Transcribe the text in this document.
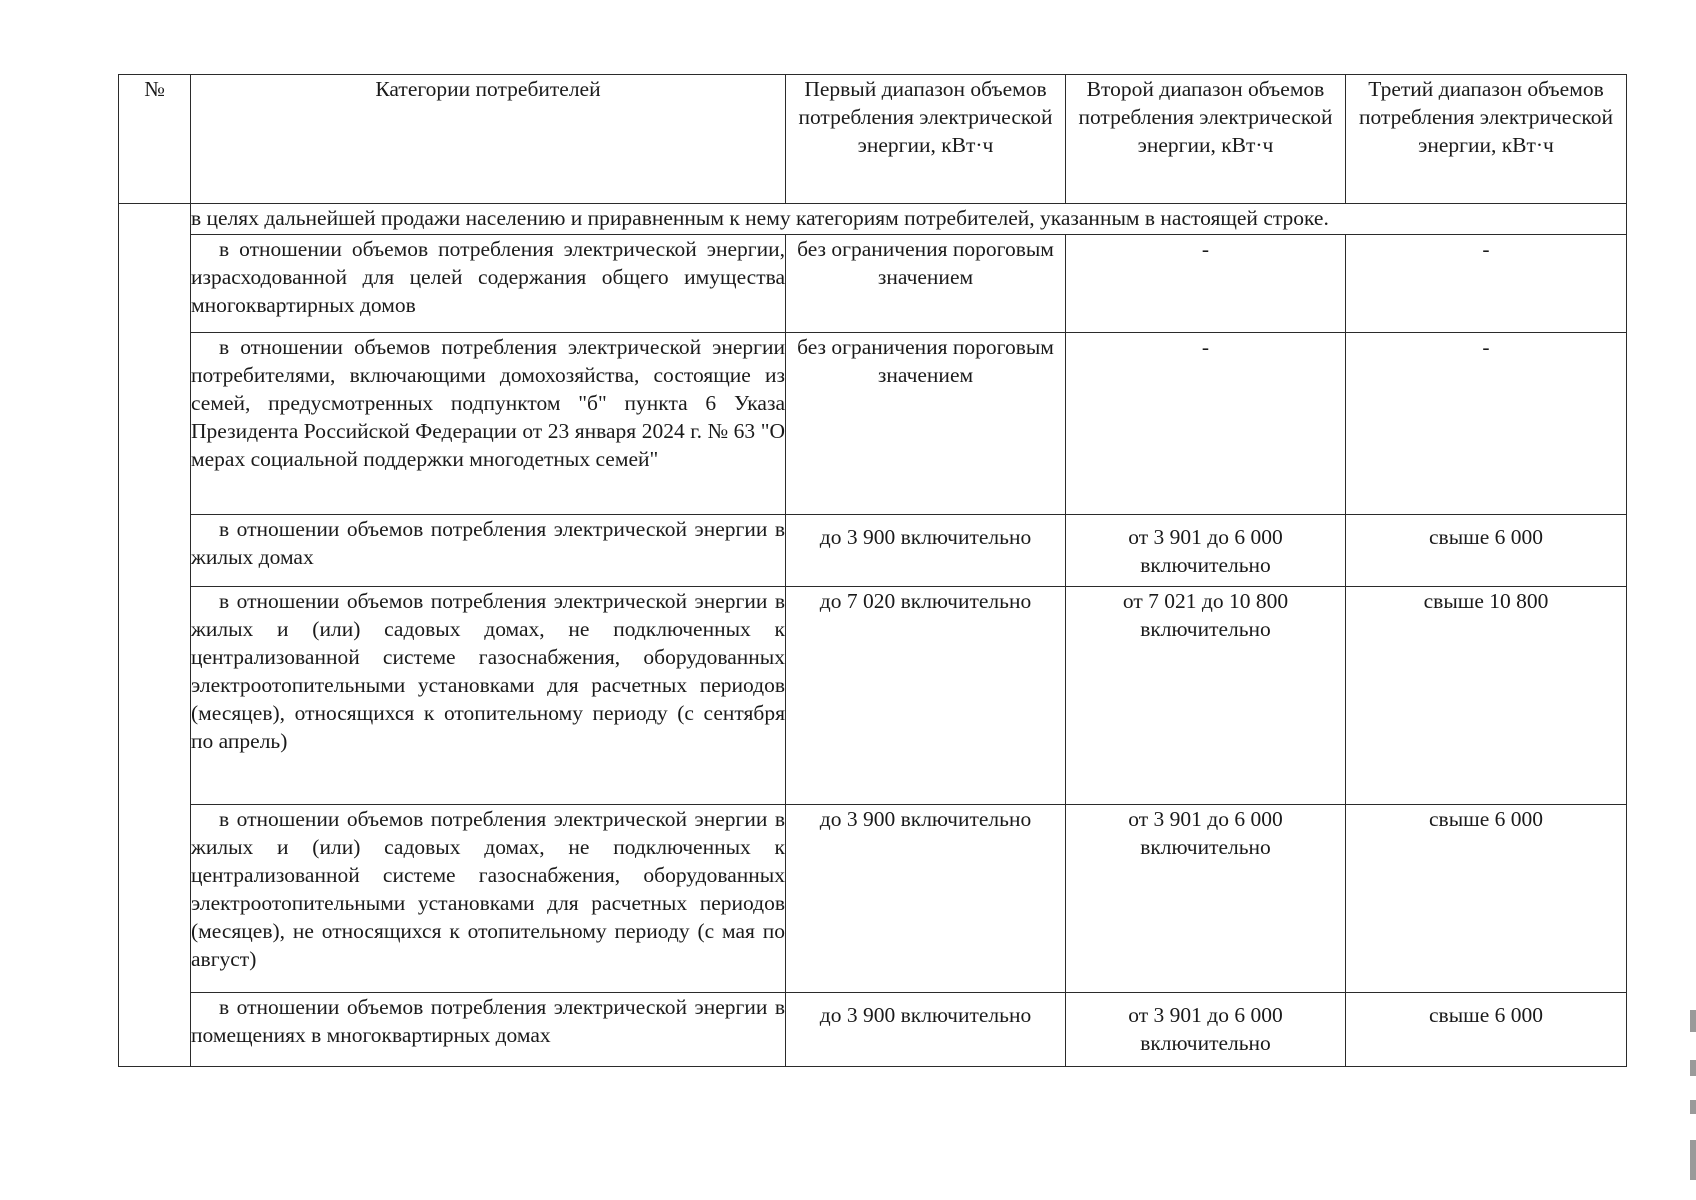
№	Категории потребителей	Первый диапазон объемов потребления электрической энергии, кВт·ч	Второй диапазон объемов потребления электрической энергии, кВт·ч	Третий диапазон объемов потребления электрической энергии, кВт·ч
	в целях дальнейшей продажи населению и приравненным к нему категориям потребителей, указанным в настоящей строке.			
	в отношении объемов потребления электрической энергии, израсходованной для целей содержания общего имущества многоквартирных домов	без ограничения пороговым значением	-	-
	в отношении объемов потребления электрической энергии потребителями, включающими домохозяйства, состоящие из семей, предусмотренных подпунктом "б" пункта 6 Указа Президента Российской Федерации от 23 января 2024 г. № 63 "О мерах социальной поддержки многодетных семей"	без ограничения пороговым значением	-	-
	в отношении объемов потребления электрической энергии в жилых домах	до 3 900 включительно	от 3 901 до 6 000 включительно	свыше 6 000
	в отношении объемов потребления электрической энергии в жилых и (или) садовых домах, не подключенных к централизованной системе газоснабжения, оборудованных электроотопительными установками для расчетных периодов (месяцев), относящихся к отопительному периоду (с сентября по апрель)	до 7 020 включительно	от 7 021 до 10 800 включительно	свыше 10 800
	в отношении объемов потребления электрической энергии в жилых и (или) садовых домах, не подключенных к централизованной системе газоснабжения, оборудованных электроотопительными установками для расчетных периодов (месяцев), не относящихся к отопительному периоду (с мая по август)	до 3 900 включительно	от 3 901 до 6 000 включительно	свыше 6 000
	в отношении объемов потребления электрической энергии в помещениях в многоквартирных домах	до 3 900 включительно	от 3 901 до 6 000 включительно	свыше 6 000
